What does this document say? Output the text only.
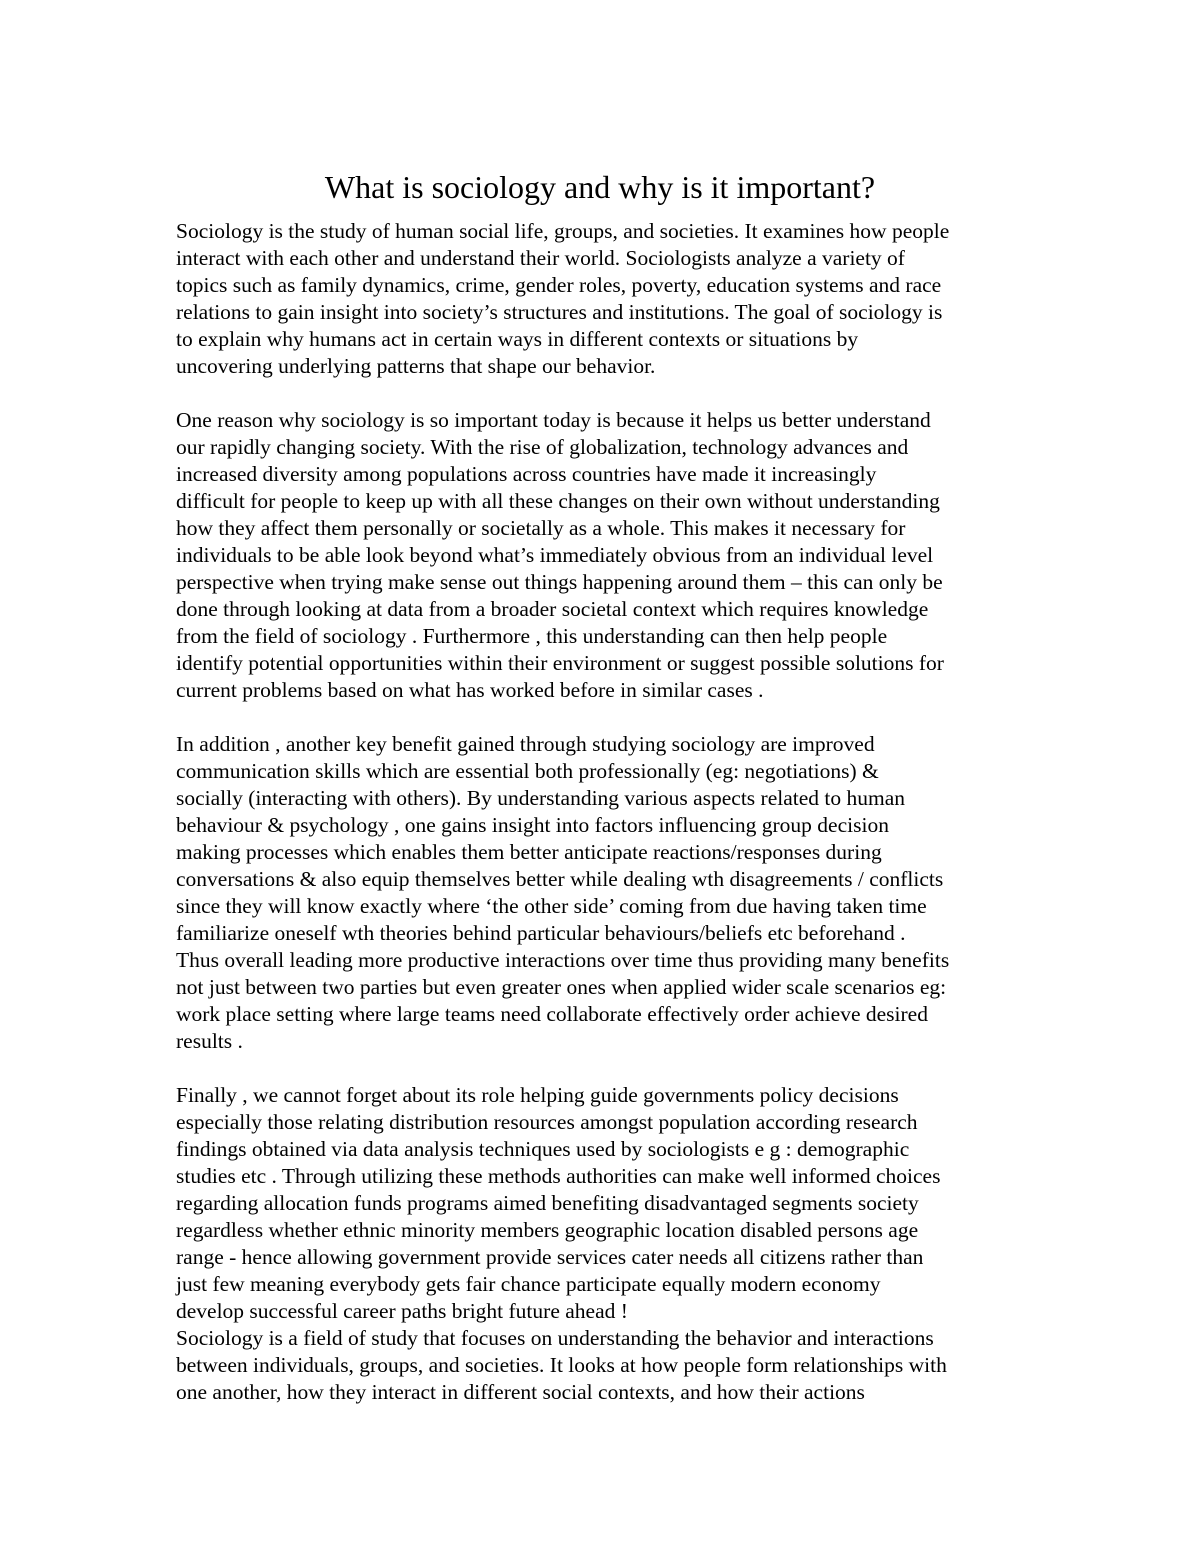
What is sociology and why is it important?
Sociology is the study of human social life, groups, and societies. It examines how people
interact with each other and understand their world. Sociologists analyze a variety of
topics such as family dynamics, crime, gender roles, poverty, education systems and race
relations to gain insight into society’s structures and institutions. The goal of sociology is
to explain why humans act in certain ways in different contexts or situations by
uncovering underlying patterns that shape our behavior.
One reason why sociology is so important today is because it helps us better understand
our rapidly changing society. With the rise of globalization, technology advances and
increased diversity among populations across countries have made it increasingly
difficult for people to keep up with all these changes on their own without understanding
how they affect them personally or societally as a whole. This makes it necessary for
individuals to be able look beyond what’s immediately obvious from an individual level
perspective when trying make sense out things happening around them – this can only be
done through looking at data from a broader societal context which requires knowledge
from the field of sociology . Furthermore , this understanding can then help people
identify potential opportunities within their environment or suggest possible solutions for
current problems based on what has worked before in similar cases .
In addition , another key benefit gained through studying sociology are improved
communication skills which are essential both professionally (eg: negotiations) &
socially (interacting with others). By understanding various aspects related to human
behaviour & psychology , one gains insight into factors influencing group decision
making processes which enables them better anticipate reactions/responses during
conversations & also equip themselves better while dealing wth disagreements / conflicts
since they will know exactly where ‘the other side’ coming from due having taken time
familiarize oneself wth theories behind particular behaviours/beliefs etc beforehand .
Thus overall leading more productive interactions over time thus providing many benefits
not just between two parties but even greater ones when applied wider scale scenarios eg:
work place setting where large teams need collaborate effectively order achieve desired
results .
Finally , we cannot forget about its role helping guide governments policy decisions
especially those relating distribution resources amongst population according research
findings obtained via data analysis techniques used by sociologists e g : demographic
studies etc . Through utilizing these methods authorities can make well informed choices
regarding allocation funds programs aimed benefiting disadvantaged segments society
regardless whether ethnic minority members geographic location disabled persons age
range - hence allowing government provide services cater needs all citizens rather than
just few meaning everybody gets fair chance participate equally modern economy
develop successful career paths bright future ahead !
Sociology is a field of study that focuses on understanding the behavior and interactions
between individuals, groups, and societies. It looks at how people form relationships with
one another, how they interact in different social contexts, and how their actions
